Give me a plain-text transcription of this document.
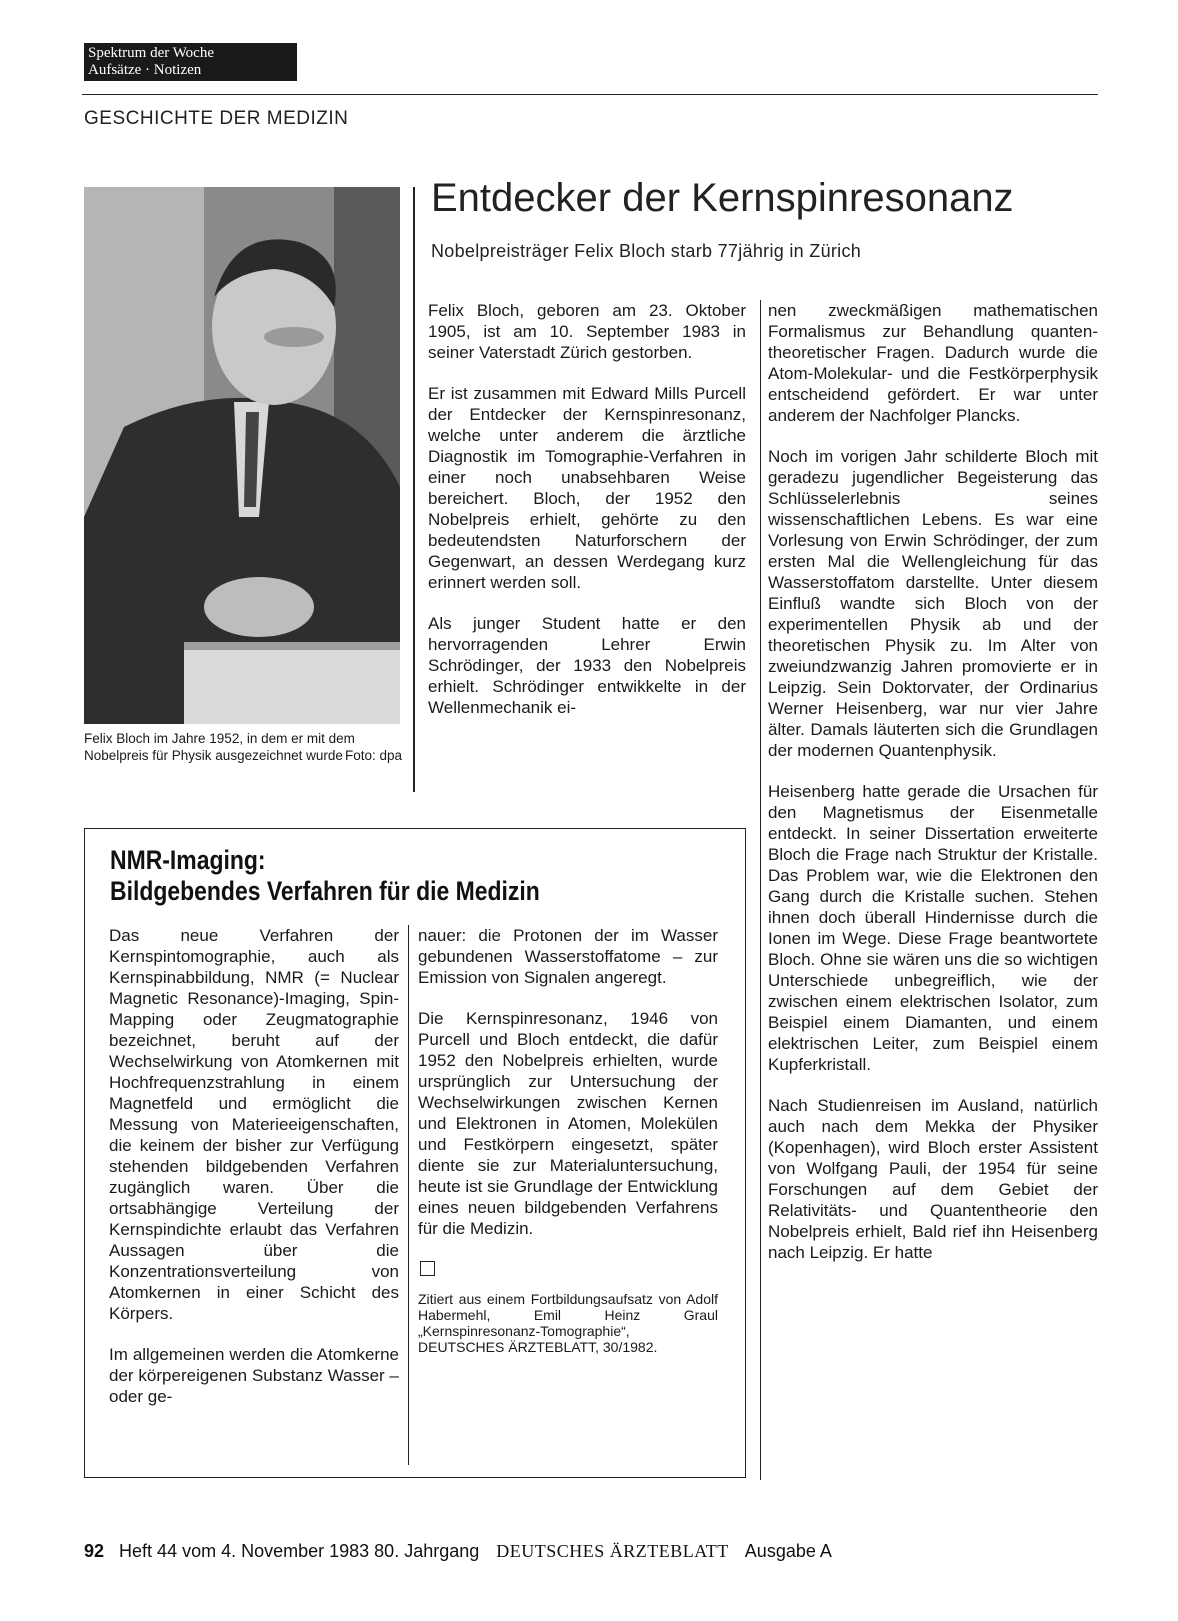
Spektrum der Woche
Aufsätze · Notizen
GESCHICHTE DER MEDIZIN
Felix Bloch im Jahre 1952, in dem er mit dem Nobelpreis für Physik ausgezeichnet wurde Foto: dpa
Entdecker der Kernspinresonanz
Nobelpreisträger Felix Bloch starb 77jährig in Zürich

Felix Bloch, geboren am 23. Oktober 1905, ist am 10. September 1983 in seiner Vaterstadt Zürich gestorben.

Er ist zusammen mit Edward Mills Purcell der Entdecker der Kernspinresonanz, welche unter anderem die ärztliche Diagnostik im Tomographie-Verfahren in einer noch unabsehbaren Weise bereichert. Bloch, der 1952 den Nobelpreis erhielt, gehörte zu den bedeutendsten Naturforschern der Gegenwart, an dessen Werdegang kurz erinnert werden soll.

Als junger Student hatte er den hervorragenden Lehrer Erwin Schrödinger, der 1933 den Nobelpreis erhielt. Schrödinger entwikkelte in der Wellenmechanik ei-

nen zweckmäßigen mathematischen Formalismus zur Behandlung quanten-theoretischer Fragen. Dadurch wurde die Atom-Molekular- und die Festkörperphysik entscheidend gefördert. Er war unter anderem der Nachfolger Plancks.

Noch im vorigen Jahr schilderte Bloch mit geradezu jugendlicher Begeisterung das Schlüsselerlebnis seines wissenschaftlichen Lebens. Es war eine Vorlesung von Erwin Schrödinger, der zum ersten Mal die Wellengleichung für das Wasserstoffatom darstellte. Unter diesem Einfluß wandte sich Bloch von der experimentellen Physik ab und der theoretischen Physik zu. Im Alter von zweiundzwanzig Jahren promovierte er in Leipzig. Sein Doktorvater, der Ordinarius Werner Heisenberg, war nur vier Jahre älter. Damals läuterten sich die Grundlagen der modernen Quantenphysik.

Heisenberg hatte gerade die Ursachen für den Magnetismus der Eisenmetalle entdeckt. In seiner Dissertation erweiterte Bloch die Frage nach Struktur der Kristalle. Das Problem war, wie die Elektronen den Gang durch die Kristalle suchen. Stehen ihnen doch überall Hindernisse durch die Ionen im Wege. Diese Frage beantwortete Bloch. Ohne sie wären uns die so wichtigen Unterschiede unbegreiflich, wie der zwischen einem elektrischen Isolator, zum Beispiel einem Diamanten, und einem elektrischen Leiter, zum Beispiel einem Kupferkristall.

Nach Studienreisen im Ausland, natürlich auch nach dem Mekka der Physiker (Kopenhagen), wird Bloch erster Assistent von Wolfgang Pauli, der 1954 für seine Forschungen auf dem Gebiet der Relativitäts- und Quantentheorie den Nobelpreis erhielt, Bald rief ihn Heisenberg nach Leipzig. Er hatte

NMR-Imaging:
Bildgebendes Verfahren für die Medizin

Das neue Verfahren der Kernspintomographie, auch als Kernspinabbildung, NMR (= Nuclear Magnetic Resonance)-Imaging, Spin-Mapping oder Zeugmatographie bezeichnet, beruht auf der Wechselwirkung von Atomkernen mit Hochfrequenzstrahlung in einem Magnetfeld und ermöglicht die Messung von Materieeigenschaften, die keinem der bisher zur Verfügung stehenden bildgebenden Verfahren zugänglich waren. Über die ortsabhängige Verteilung der Kernspindichte erlaubt das Verfahren Aussagen über die Konzentrationsverteilung von Atomkernen in einer Schicht des Körpers.

Im allgemeinen werden die Atomkerne der körpereigenen Substanz Wasser – oder ge-

nauer: die Protonen der im Wasser gebundenen Wasserstoffatome – zur Emission von Signalen angeregt.

Die Kernspinresonanz, 1946 von Purcell und Bloch entdeckt, die dafür 1952 den Nobelpreis erhielten, wurde ursprünglich zur Untersuchung der Wechselwirkungen zwischen Kernen und Elektronen in Atomen, Molekülen und Festkörpern eingesetzt, später diente sie zur Materialuntersuchung, heute ist sie Grundlage der Entwicklung eines neuen bildgebenden Verfahrens für die Medizin.

Zitiert aus einem Fortbildungsaufsatz von Adolf Habermehl, Emil Heinz Graul „Kernspinresonanz-Tomographie“, DEUTSCHES ÄRZTEBLATT, 30/1982.
92 Heft 44 vom 4. November 1983 80. Jahrgang DEUTSCHES ÄRZTEBLATT Ausgabe A
